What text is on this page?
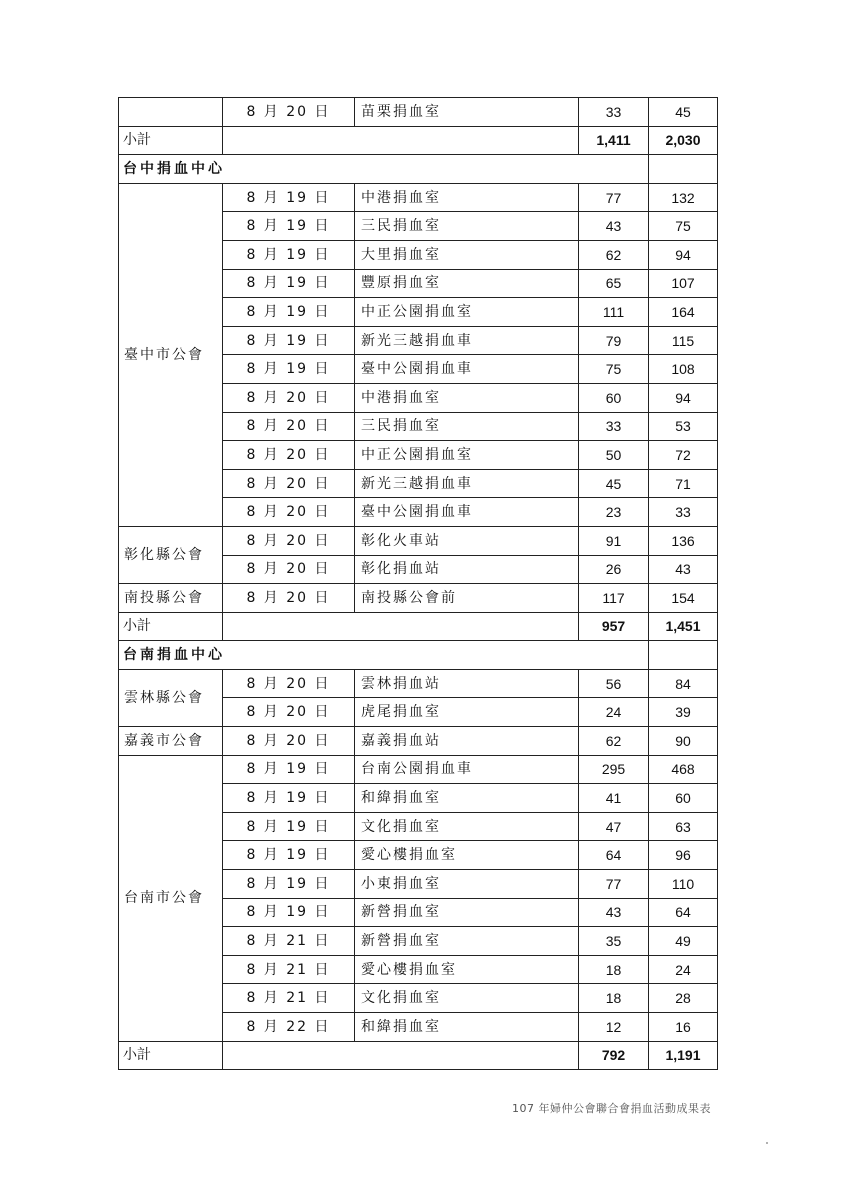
	8 月 20 日	苗栗捐血室	33	45
小計			1,411	2,030
台中捐血中心				
臺中市公會	8 月 19 日	中港捐血室	77	132
	8 月 19 日	三民捐血室	43	75
	8 月 19 日	大里捐血室	62	94
	8 月 19 日	豐原捐血室	65	107
	8 月 19 日	中正公園捐血室	111	164
	8 月 19 日	新光三越捐血車	79	115
	8 月 19 日	臺中公園捐血車	75	108
	8 月 20 日	中港捐血室	60	94
	8 月 20 日	三民捐血室	33	53
	8 月 20 日	中正公園捐血室	50	72
	8 月 20 日	新光三越捐血車	45	71
	8 月 20 日	臺中公園捐血車	23	33
彰化縣公會	8 月 20 日	彰化火車站	91	136
	8 月 20 日	彰化捐血站	26	43
南投縣公會	8 月 20 日	南投縣公會前	117	154
小計			957	1,451
台南捐血中心				
雲林縣公會	8 月 20 日	雲林捐血站	56	84
	8 月 20 日	虎尾捐血室	24	39
嘉義市公會	8 月 20 日	嘉義捐血站	62	90
台南市公會	8 月 19 日	台南公園捐血車	295	468
	8 月 19 日	和緯捐血室	41	60
	8 月 19 日	文化捐血室	47	63
	8 月 19 日	愛心樓捐血室	64	96
	8 月 19 日	小東捐血室	77	110
	8 月 19 日	新營捐血室	43	64
	8 月 21 日	新營捐血室	35	49
	8 月 21 日	愛心樓捐血室	18	24
	8 月 21 日	文化捐血室	18	28
	8 月 22 日	和緯捐血室	12	16
小計			792	1,191
107 年婦仲公會聯合會捐血活動成果表
